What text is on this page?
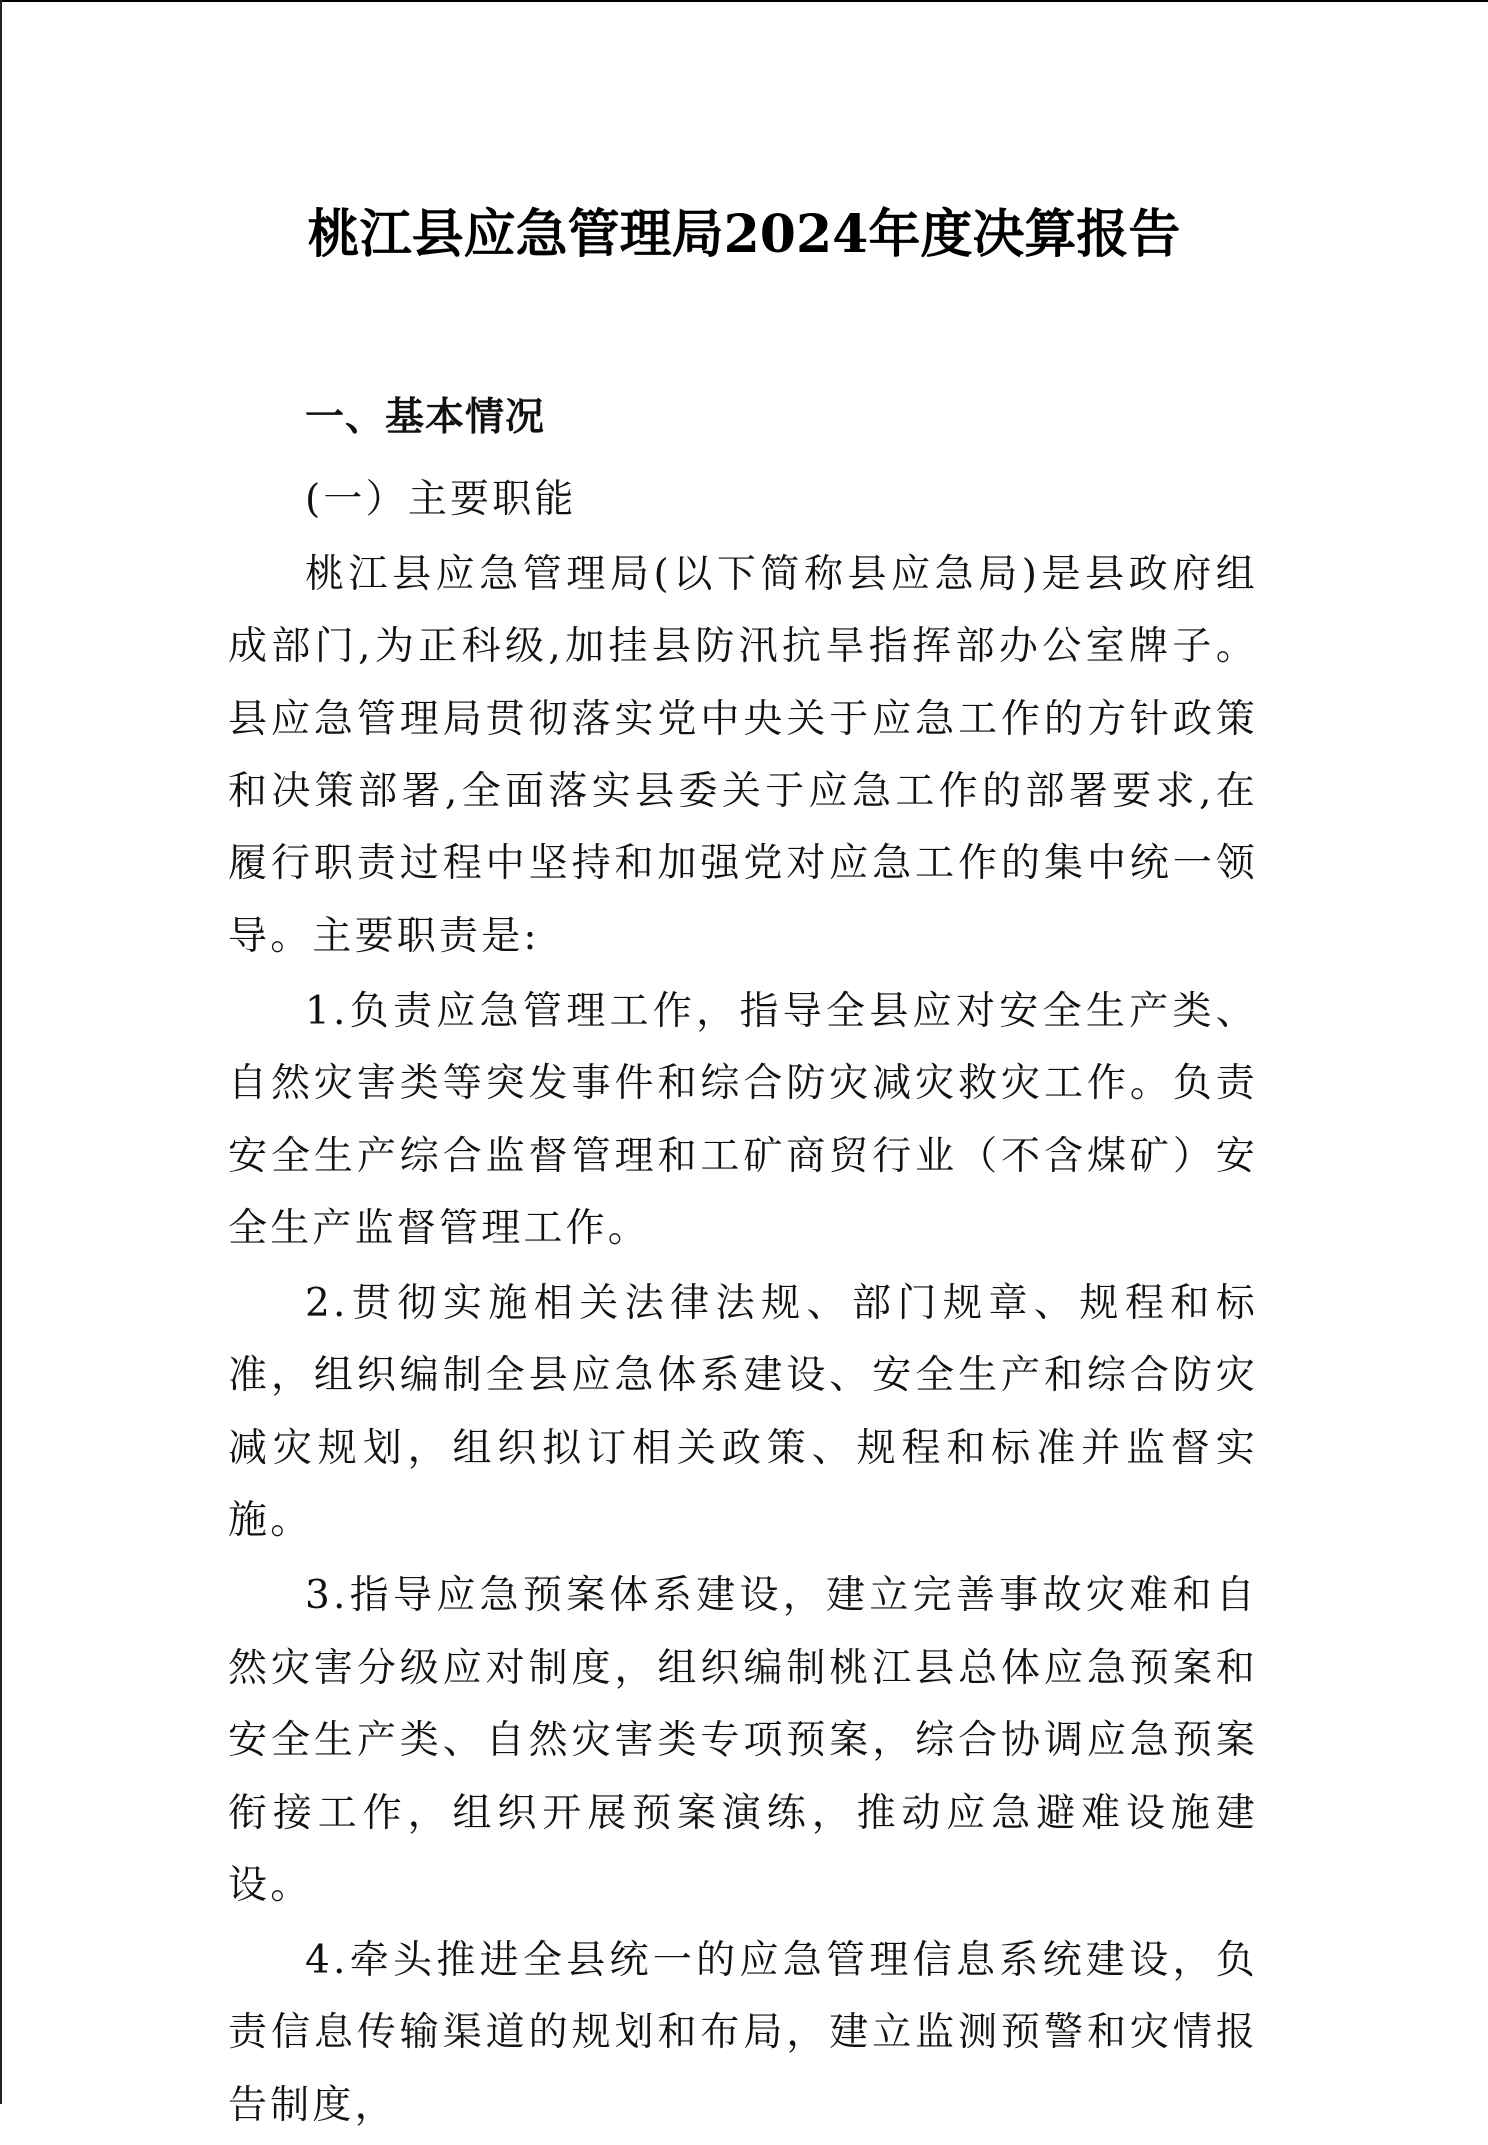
桃江县应急管理局2024年度决算报告

一、基本情况

(一）主要职能

桃江县应急管理局(以下简称县应急局)是县政府组成部门,为正科级,加挂县防汛抗旱指挥部办公室牌子。县应急管理局贯彻落实党中央关于应急工作的方针政策和决策部署,全面落实县委关于应急工作的部署要求,在履行职责过程中坚持和加强党对应急工作的集中统一领导。主要职责是:

1.负责应急管理工作，指导全县应对安全生产类、自然灾害类等突发事件和综合防灾减灾救灾工作。负责安全生产综合监督管理和工矿商贸行业（不含煤矿）安全生产监督管理工作。

2.贯彻实施相关法律法规、部门规章、规程和标准，组织编制全县应急体系建设、安全生产和综合防灾减灾规划，组织拟订相关政策、规程和标准并监督实施。

3.指导应急预案体系建设，建立完善事故灾难和自然灾害分级应对制度，组织编制桃江县总体应急预案和安全生产类、自然灾害类专项预案，综合协调应急预案衔接工作，组织开展预案演练，推动应急避难设施建设。

4.牵头推进全县统一的应急管理信息系统建设，负责信息传输渠道的规划和布局，建立监测预警和灾情报告制度，
